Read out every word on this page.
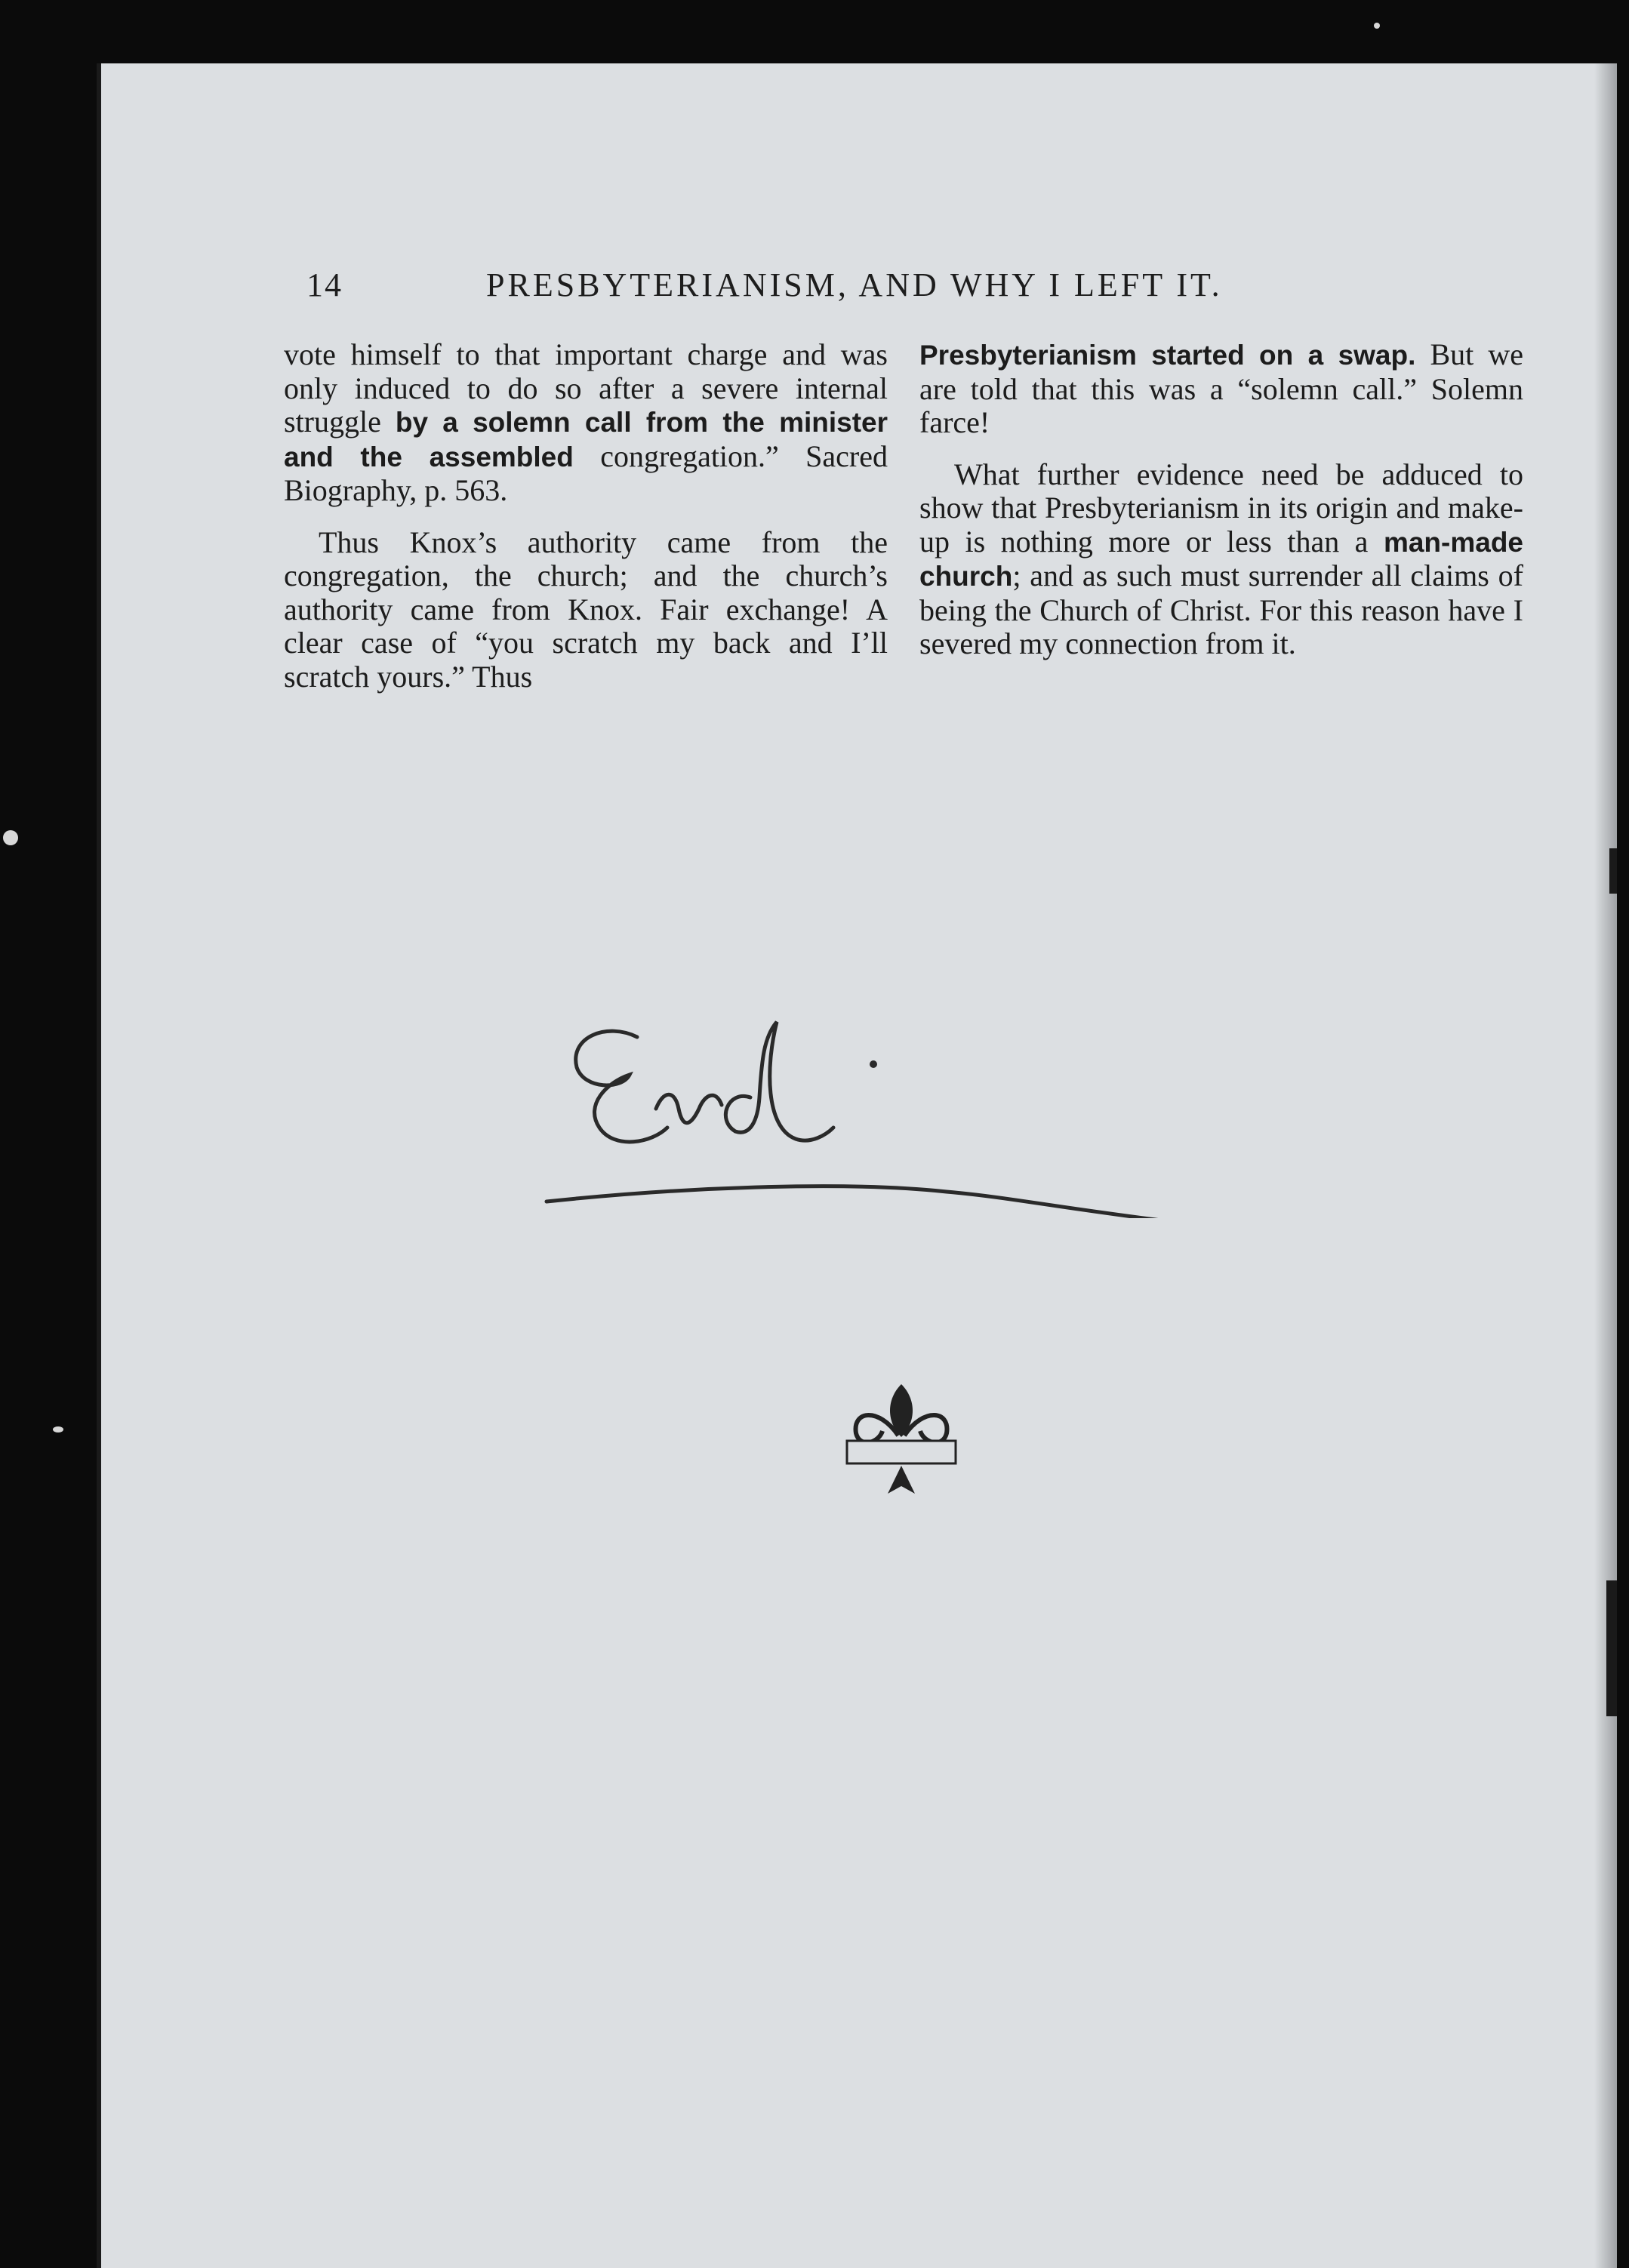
14	PRESBYTERIANISM, AND WHY I LEFT IT.

vote himself to that important charge and was only induced to do so after a severe internal struggle by a solemn call from the minister and the assembled congregation.” Sacred Biography, p. 563.

Thus Knox’s authority came from the congregation, the church; and the church’s authority came from Knox. Fair exchange! A clear case of “you scratch my back and I’ll scratch yours.” Thus

Presbyterianism started on a swap. But we are told that this was a “solemn call.” Solemn farce!

What further evidence need be adduced to show that Presbyterianism in its origin and make-up is nothing more or less than a man-made church; and as such must surrender all claims of being the Church of Christ. For this reason have I severed my connection from it.
